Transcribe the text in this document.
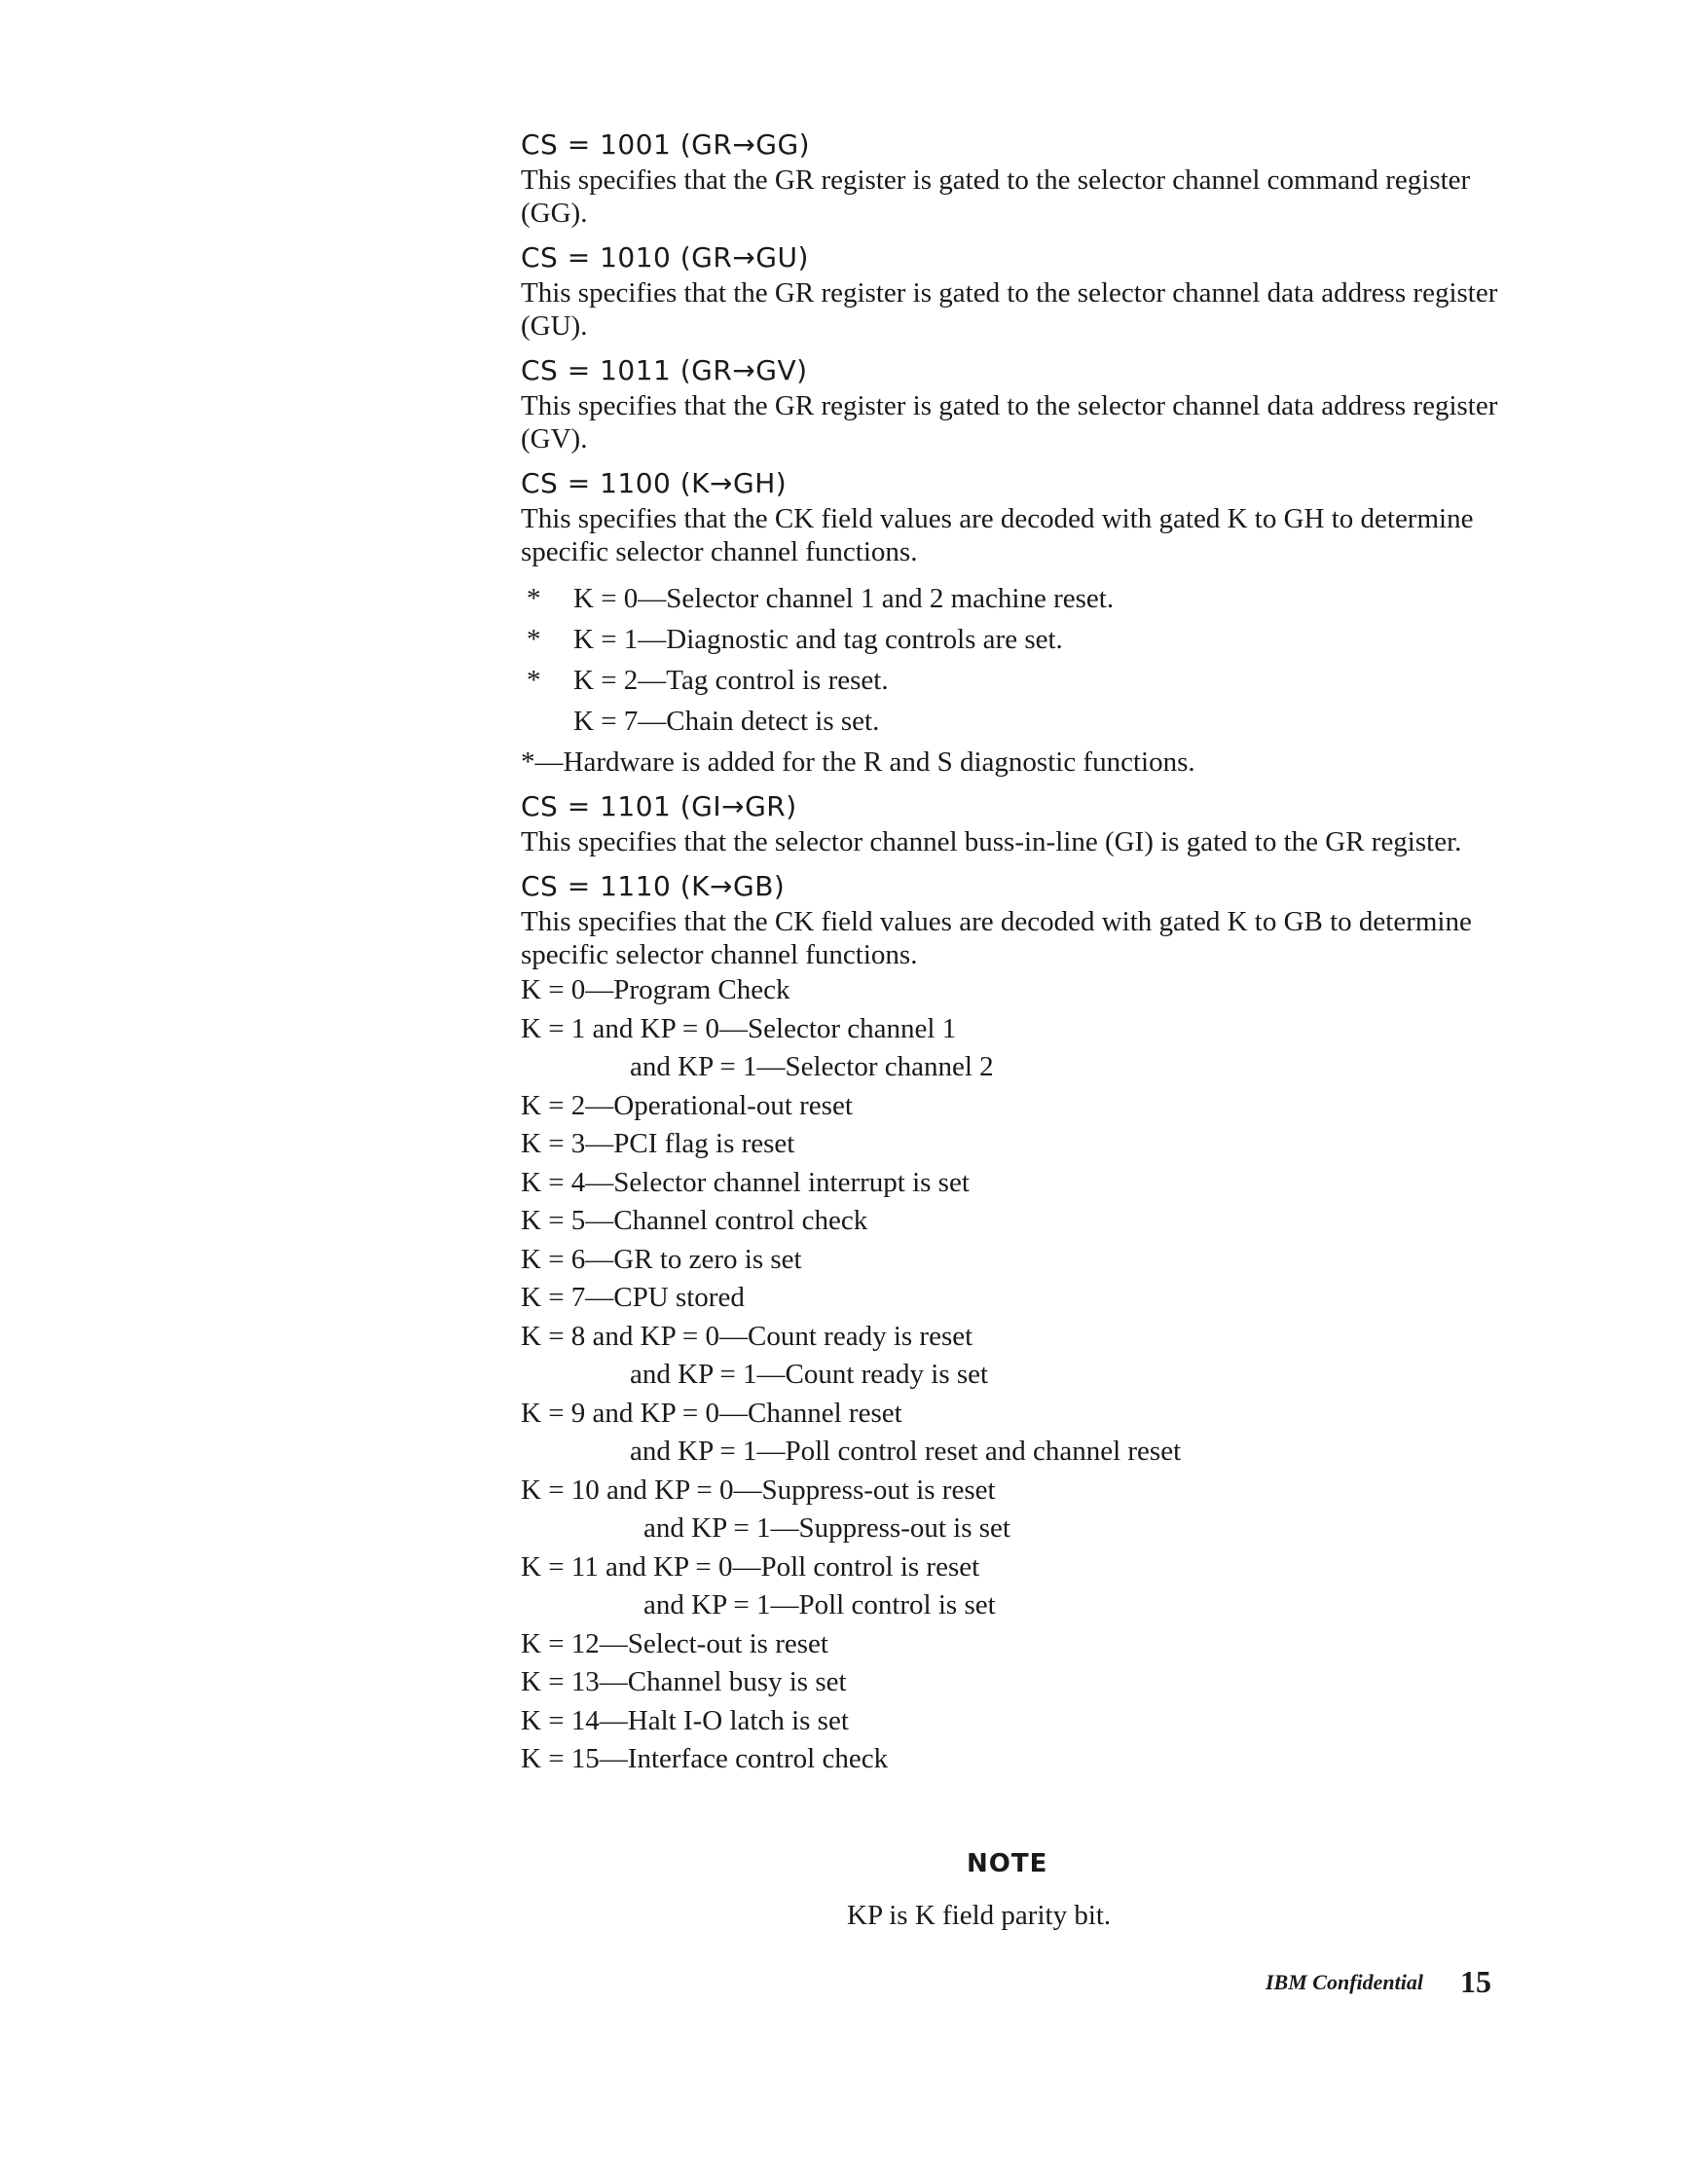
CS = 1001 (GR→GG)

This specifies that the GR register is gated to the selector channel command register (GG).

CS = 1010 (GR→GU)

This specifies that the GR register is gated to the selector channel data address register (GU).

CS = 1011 (GR→GV)

This specifies that the GR register is gated to the selector channel data address register (GV).

CS = 1100 (K→GH)

This specifies that the CK field values are decoded with gated K to GH to determine specific selector channel functions.

*	K = 0—Selector channel 1 and 2 machine reset.
*	K = 1—Diagnostic and tag controls are set.
*	K = 2—Tag control is reset.
K = 7—Chain detect is set.
*—Hardware is added for the R and S diagnostic functions.
CS = 1101 (GI→GR)

This specifies that the selector channel buss-in-line (GI) is gated to the GR register.

CS = 1110 (K→GB)

This specifies that the CK field values are decoded with gated K to GB to determine specific selector channel functions.

K = 0—Program Check
K = 1 and KP = 0—Selector channel 1
and KP = 1—Selector channel 2
K = 2—Operational-out reset
K = 3—PCI flag is reset
K = 4—Selector channel interrupt is set
K = 5—Channel control check
K = 6—GR to zero is set
K = 7—CPU stored
K = 8 and KP = 0—Count ready is reset
and KP = 1—Count ready is set
K = 9 and KP = 0—Channel reset
and KP = 1—Poll control reset and channel reset
K = 10 and KP = 0—Suppress-out is reset
and KP = 1—Suppress-out is set
K = 11 and KP = 0—Poll control is reset
and KP = 1—Poll control is set
K = 12—Select-out is reset
K = 13—Channel busy is set
K = 14—Halt I-O latch is set
K = 15—Interface control check
NOTE
KP is K field parity bit.
IBM Confidential 15
